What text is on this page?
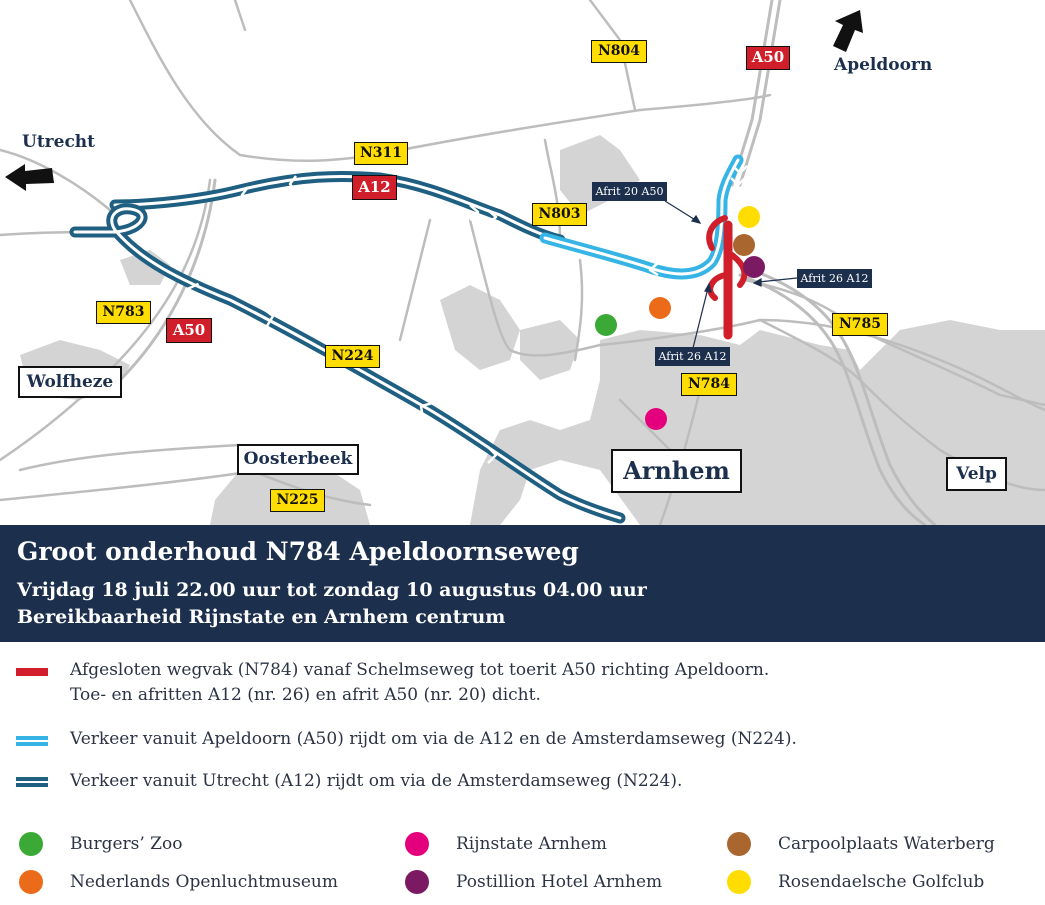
Utrecht
Apeldoorn
Wolfheze
Oosterbeek	Arnhem	Velp
N804
N311
N803
N783
N224
N785
N784
N225
A50
A12
A50
Afrit 20 A50
Afrit 26 A12
Afrit 26 A12
Groot onderhoud N784 Apeldoornseweg
Vrijdag 18 juli 22.00 uur tot zondag 10 augustus 04.00 uur
Bereikbaarheid Rijnstate en Arnhem centrum
Afgesloten wegvak (N784) vanaf Schelmseweg tot toerit A50 richting Apeldoorn.
Toe- en afritten A12 (nr. 26) en afrit A50 (nr. 20) dicht.
Verkeer vanuit Apeldoorn (A50) rijdt om via de A12 en de Amsterdamseweg (N224).
Verkeer vanuit Utrecht (A12) rijdt om via de Amsterdamseweg (N224).
Burgers’ Zoo
Nederlands Openluchtmuseum
Rijnstate Arnhem
Postillion Hotel Arnhem
Carpoolplaats Waterberg
Rosendaelsche Golfclub
